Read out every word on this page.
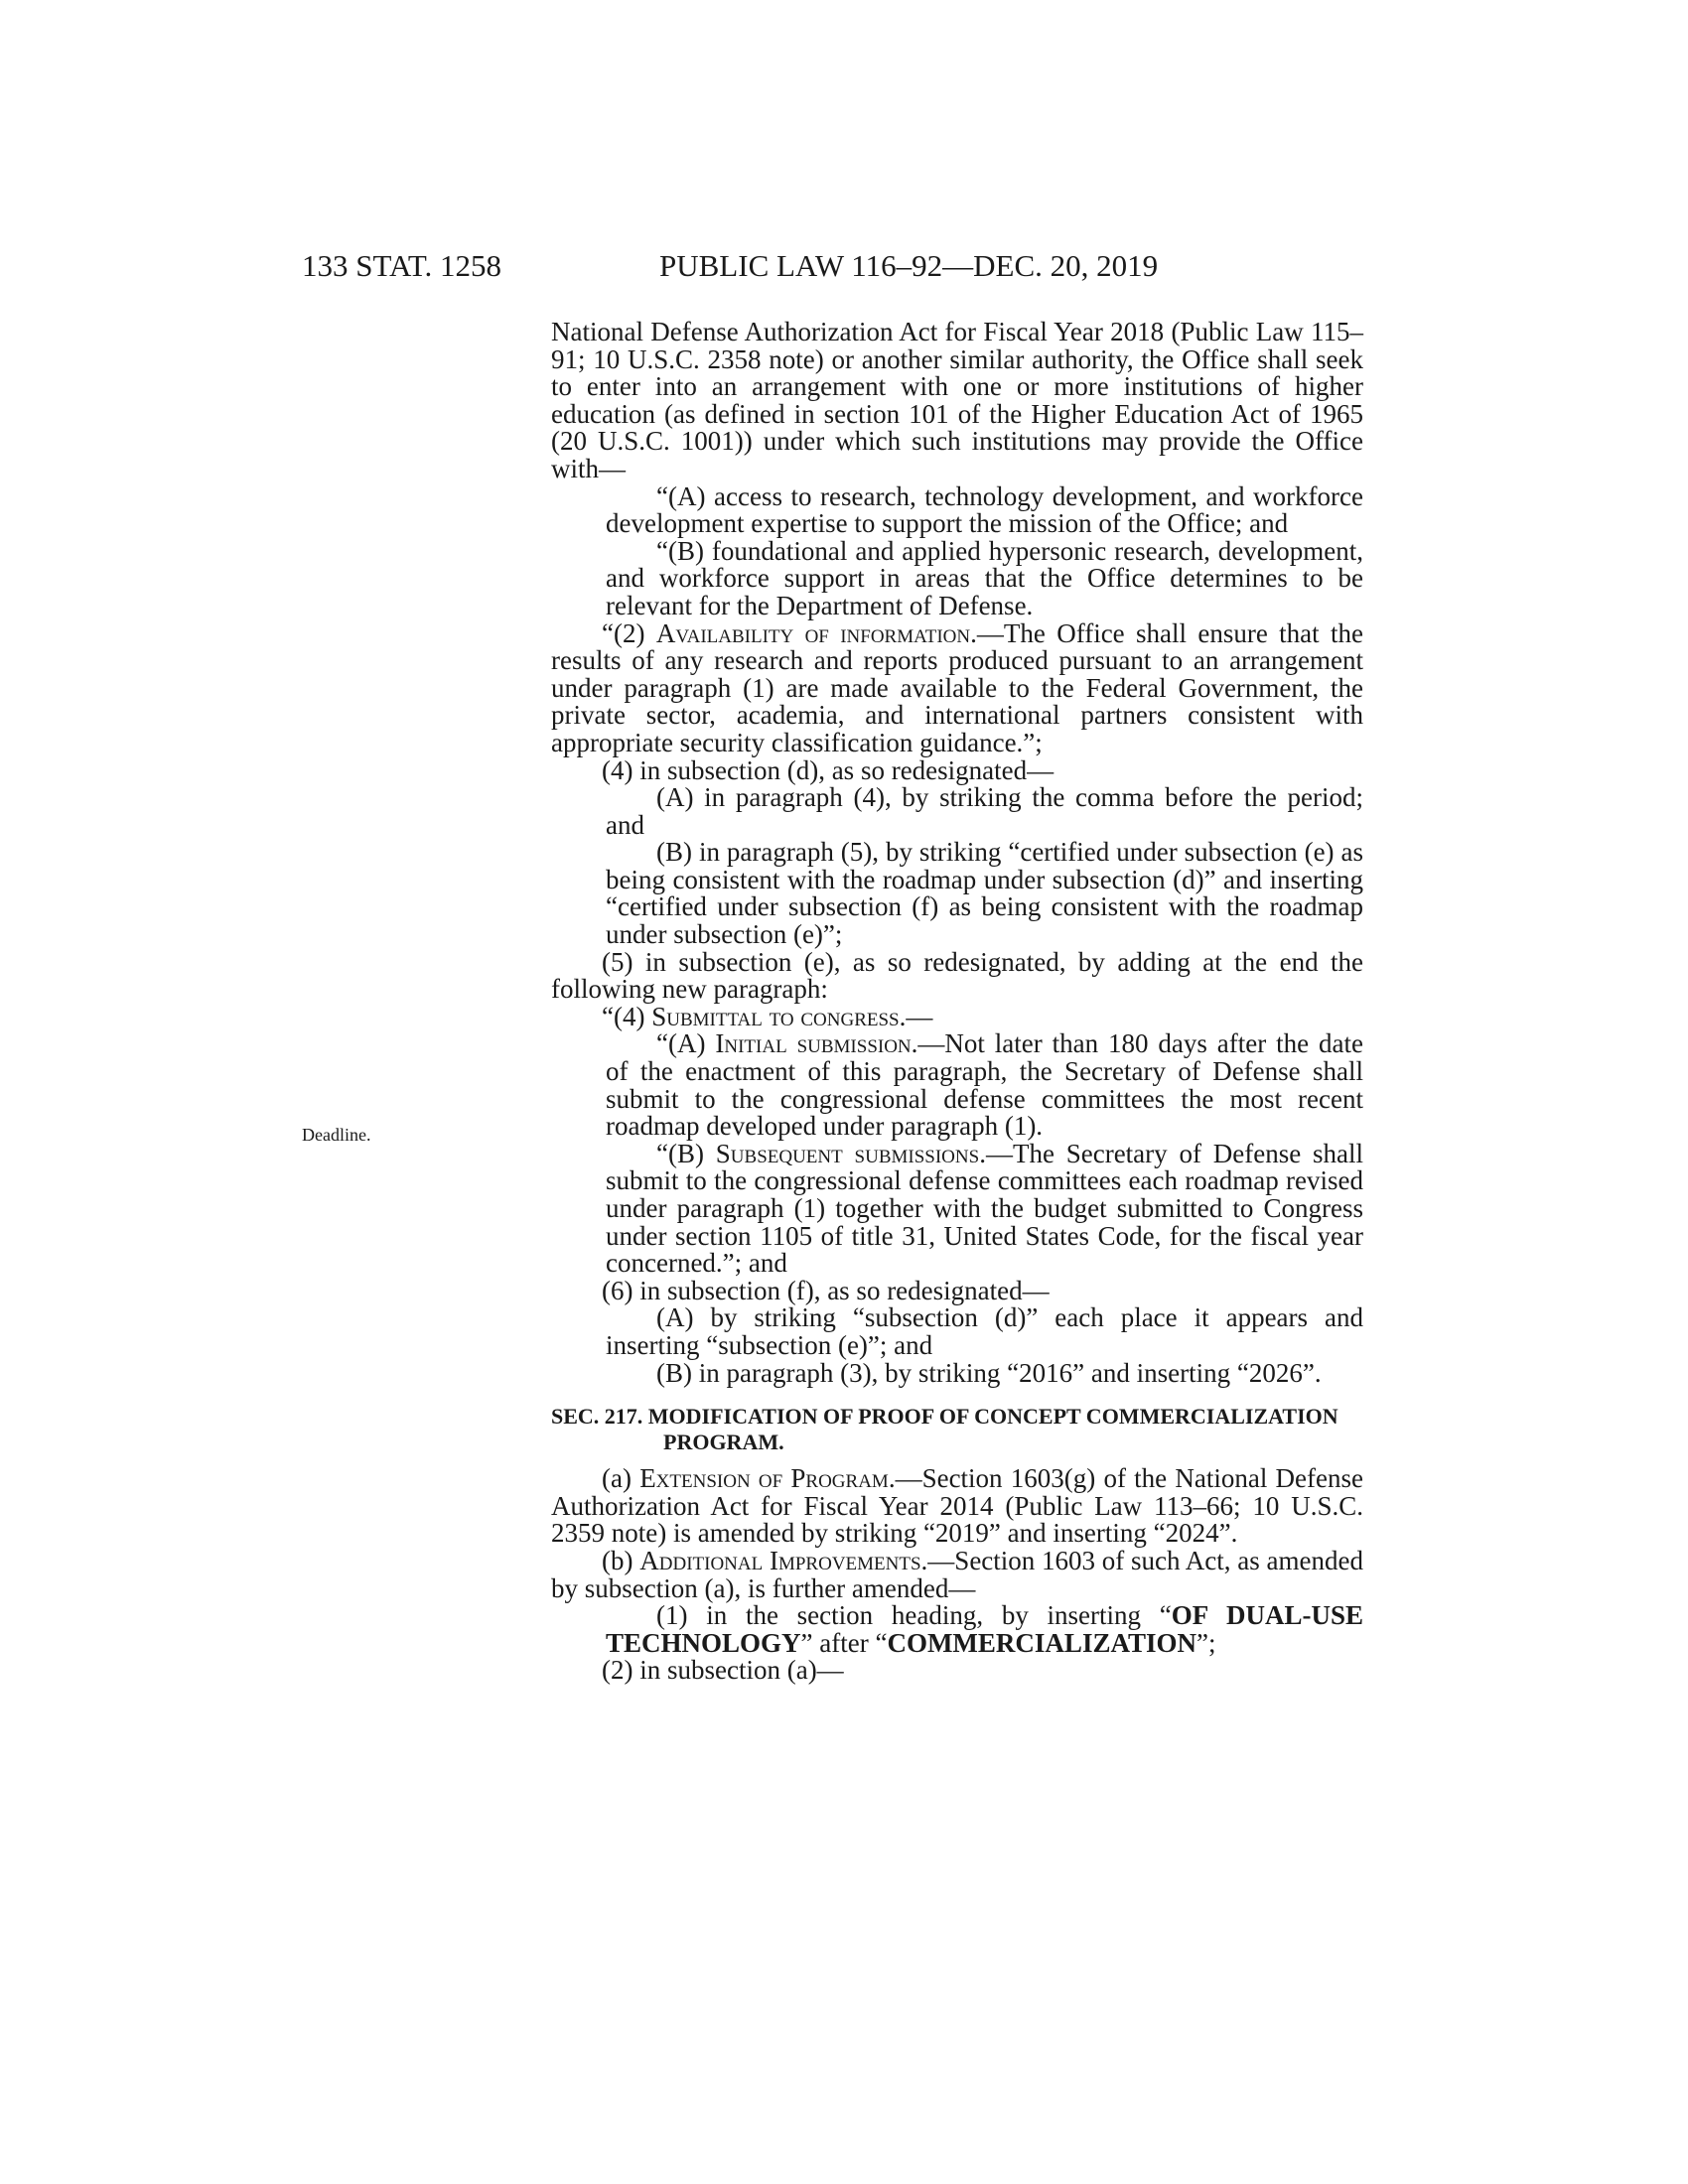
133 STAT. 1258	PUBLIC LAW 116–92—DEC. 20, 2019
Deadline.

National Defense Authorization Act for Fiscal Year 2018 (Public Law 115–91; 10 U.S.C. 2358 note) or another similar authority, the Office shall seek to enter into an arrangement with one or more institutions of higher education (as defined in section 101 of the Higher Education Act of 1965 (20 U.S.C. 1001)) under which such institutions may provide the Office with—

“(A) access to research, technology development, and workforce development expertise to support the mission of the Office; and

“(B) foundational and applied hypersonic research, development, and workforce support in areas that the Office determines to be relevant for the Department of Defense.

“(2) Availability of information.—The Office shall ensure that the results of any research and reports produced pursuant to an arrangement under paragraph (1) are made available to the Federal Government, the private sector, academia, and international partners consistent with appropriate security classification guidance.”;

(4) in subsection (d), as so redesignated—

(A) in paragraph (4), by striking the comma before the period; and

(B) in paragraph (5), by striking “certified under subsection (e) as being consistent with the roadmap under subsection (d)” and inserting “certified under subsection (f) as being consistent with the roadmap under subsection (e)”;

(5) in subsection (e), as so redesignated, by adding at the end the following new paragraph:

“(4) Submittal to congress.—

“(A) Initial submission.—Not later than 180 days after the date of the enactment of this paragraph, the Secretary of Defense shall submit to the congressional defense committees the most recent roadmap developed under paragraph (1).

“(B) Subsequent submissions.—The Secretary of Defense shall submit to the congressional defense committees each roadmap revised under paragraph (1) together with the budget submitted to Congress under section 1105 of title 31, United States Code, for the fiscal year concerned.”; and

(6) in subsection (f), as so redesignated—

(A) by striking “subsection (d)” each place it appears and inserting “subsection (e)”; and

(B) in paragraph (3), by striking “2016” and inserting “2026”.

SEC. 217. MODIFICATION OF PROOF OF CONCEPT COMMERCIALIZATION PROGRAM.

(a) Extension of Program.—Section 1603(g) of the National Defense Authorization Act for Fiscal Year 2014 (Public Law 113–66; 10 U.S.C. 2359 note) is amended by striking “2019” and inserting “2024”.

(b) Additional Improvements.—Section 1603 of such Act, as amended by subsection (a), is further amended—

(1) in the section heading, by inserting “OF DUAL-USE TECHNOLOGY” after “COMMERCIALIZATION”;

(2) in subsection (a)—
